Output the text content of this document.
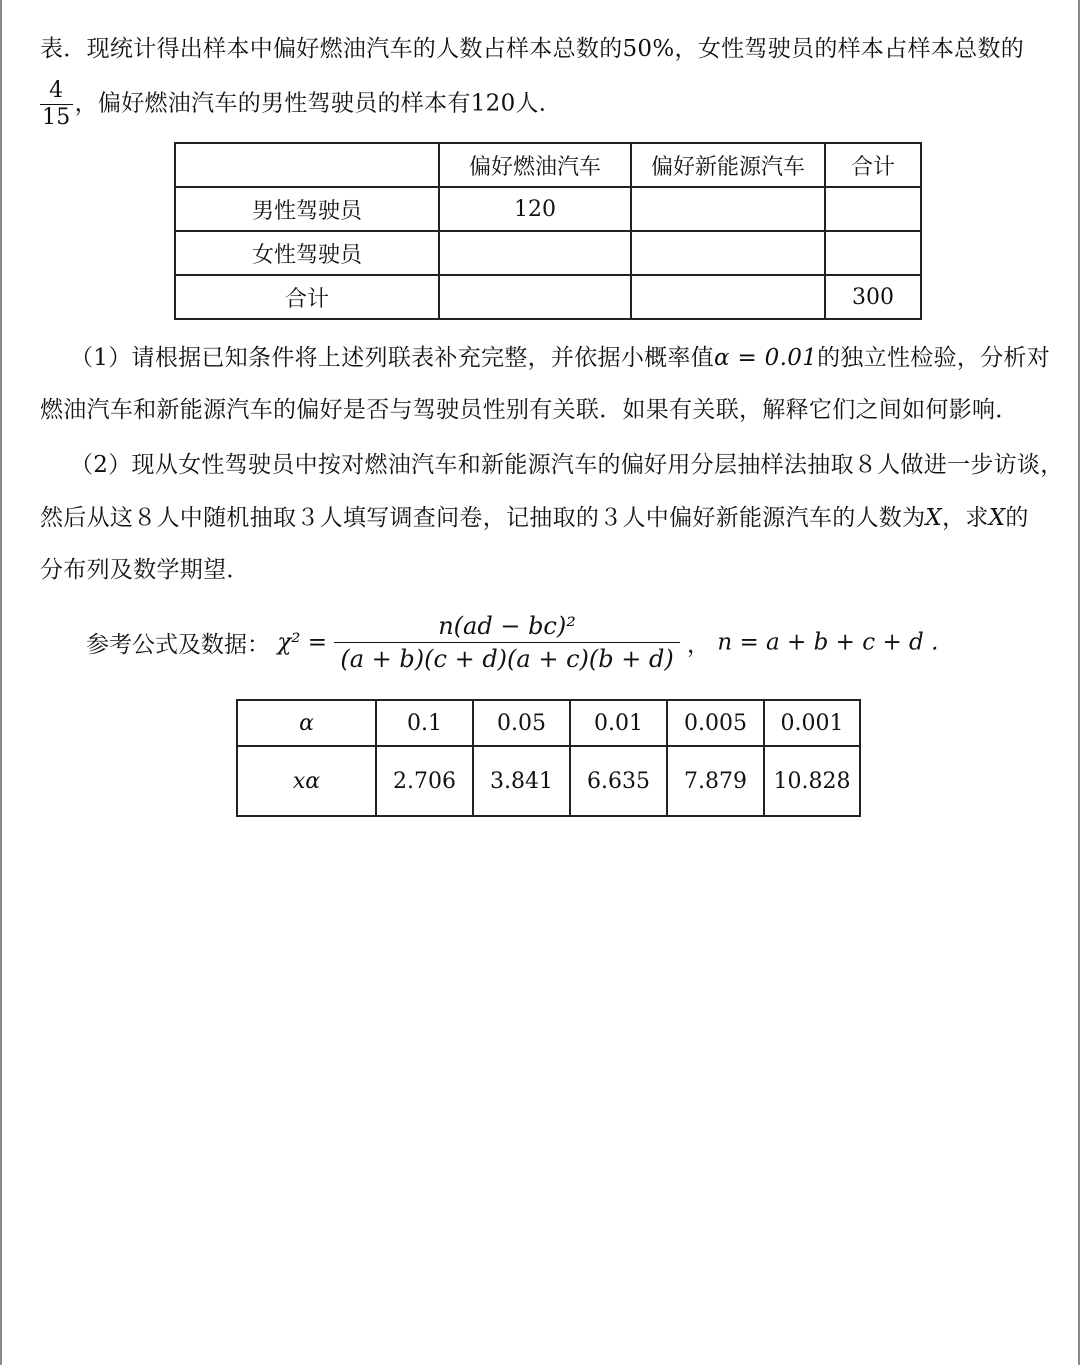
表．现统计得出样本中偏好燃油汽车的人数占样本总数的50%，女性驾驶员的样本占样本总数的
$\frac{4}{15}$ ，偏好燃油汽车的男性驾驶员的样本有120人．
	偏好燃油汽车	偏好新能源汽车	合计
男性驾驶员	120		
女性驾驶员			
合计			300
（1）请根据已知条件将上述列联表补充完整，并依据小概率值α = 0.01的独立性检验，分析对
燃油汽车和新能源汽车的偏好是否与驾驶员性别有关联．如果有关联，解释它们之间如何影响．
（2）现从女性驾驶员中按对燃油汽车和新能源汽车的偏好用分层抽样法抽取８人做进一步访谈，
然后从这８人中随机抽取３人填写调查问卷，记抽取的３人中偏好新能源汽车的人数为X，求X的
分布列及数学期望．
参考公式及数据： $\chi^2 = \frac{\text{n(ad − bc)²}}{(a + b)(c + d)(a + c)(b + d)}$ ， n = a + b + c + d .
α	0.1	0.05	0.01	0.005	0.001
xα	2.706	3.841	6.635	7.879	10.828
